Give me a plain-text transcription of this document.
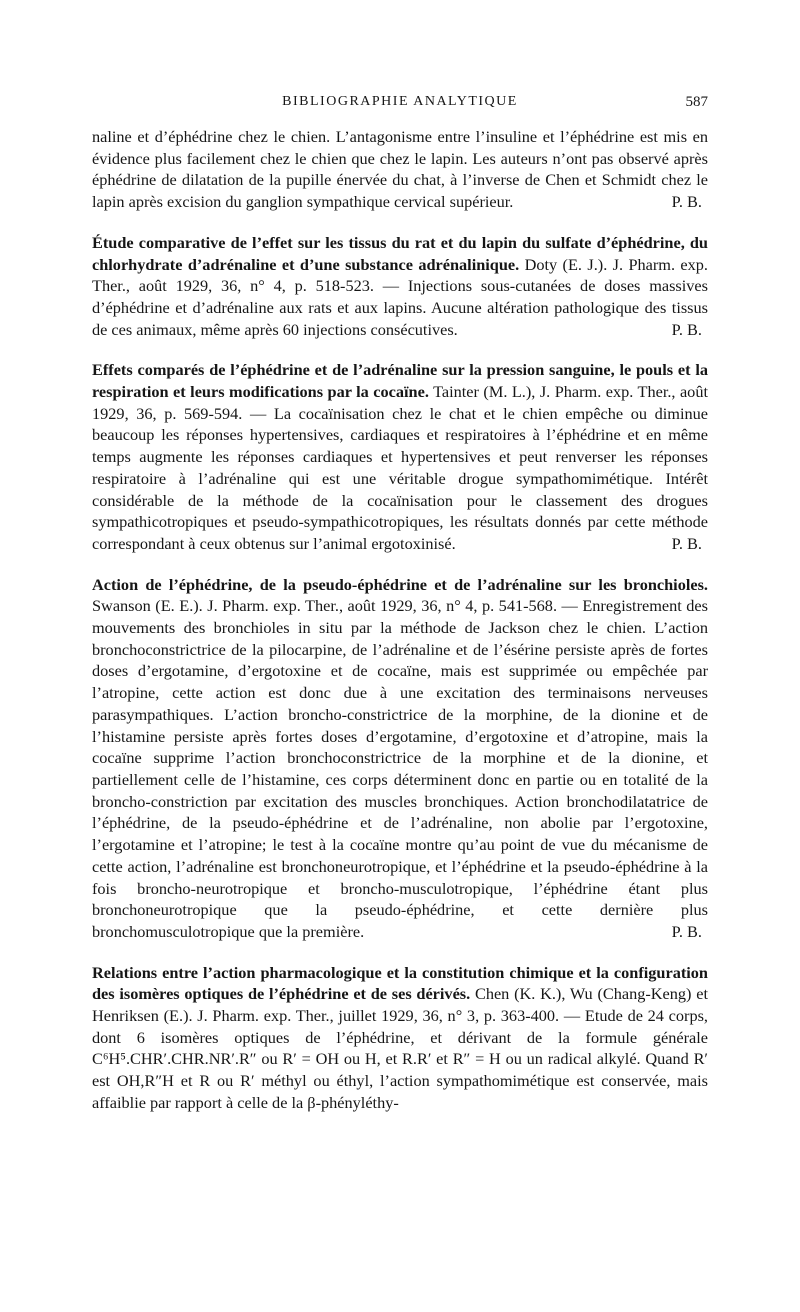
BIBLIOGRAPHIE ANALYTIQUE	587

naline et d’éphédrine chez le chien. L’antagonisme entre l’insuline et l’éphédrine est mis en évidence plus facilement chez le chien que chez le lapin. Les auteurs n’ont pas observé après éphédrine de dilatation de la pupille énervée du chat, à l’inverse de Chen et Schmidt chez le lapin après excision du ganglion sympathique cervical supérieur.	P. B.

Étude comparative de l’effet sur les tissus du rat et du lapin du sulfate d’éphédrine, du chlorhydrate d’adrénaline et d’une substance adrénalinique. Doty (E. J.). J. Pharm. exp. Ther., août 1929, 36, n° 4, p. 518-523. — Injections sous-cutanées de doses massives d’éphédrine et d’adrénaline aux rats et aux lapins. Aucune altération pathologique des tissus de ces animaux, même après 60 injections consécutives.	P. B.

Effets comparés de l’éphédrine et de l’adrénaline sur la pression sanguine, le pouls et la respiration et leurs modifications par la cocaïne. Tainter (M. L.), J. Pharm. exp. Ther., août 1929, 36, p. 569-594. — La cocaïnisation chez le chat et le chien empêche ou diminue beaucoup les réponses hypertensives, cardiaques et respiratoires à l’éphédrine et en même temps augmente les réponses cardiaques et hypertensives et peut renverser les réponses respiratoire à l’adrénaline qui est une véritable drogue sympathomimétique. Intérêt considérable de la méthode de la cocaïnisation pour le classement des drogues sympathicotropiques et pseudo-sympathicotropiques, les résultats donnés par cette méthode correspondant à ceux obtenus sur l’animal ergotoxinisé.	P. B.

Action de l’éphédrine, de la pseudo-éphédrine et de l’adrénaline sur les bronchioles. Swanson (E. E.). J. Pharm. exp. Ther., août 1929, 36, n° 4, p. 541-568. — Enregistrement des mouvements des bronchioles in situ par la méthode de Jackson chez le chien. L’action bronchoconstrictrice de la pilocarpine, de l’adrénaline et de l’ésérine persiste après de fortes doses d’ergotamine, d’ergotoxine et de cocaïne, mais est supprimée ou empêchée par l’atropine, cette action est donc due à une excitation des terminaisons nerveuses parasympathiques. L’action broncho-constrictrice de la morphine, de la dionine et de l’histamine persiste après fortes doses d’ergotamine, d’ergotoxine et d’atropine, mais la cocaïne supprime l’action bronchoconstrictrice de la morphine et de la dionine, et partiellement celle de l’histamine, ces corps déterminent donc en partie ou en totalité de la broncho-constriction par excitation des muscles bronchiques. Action bronchodilatatrice de l’éphédrine, de la pseudo-éphédrine et de l’adrénaline, non abolie par l’ergotoxine, l’ergotamine et l’atropine; le test à la cocaïne montre qu’au point de vue du mécanisme de cette action, l’adrénaline est bronchoneurotropique, et l’éphédrine et la pseudo-éphédrine à la fois broncho-neurotropique et broncho-musculotropique, l’éphédrine étant plus bronchoneurotropique que la pseudo-éphédrine, et cette dernière plus bronchomusculotropique que la première.	P. B.

Relations entre l’action pharmacologique et la constitution chimique et la configuration des isomères optiques de l’éphédrine et de ses dérivés. Chen (K. K.), Wu (Chang-Keng) et Henriksen (E.). J. Pharm. exp. Ther., juillet 1929, 36, n° 3, p. 363-400. — Etude de 24 corps, dont 6 isomères optiques de l’éphédrine, et dérivant de la formule générale C⁶H⁵.CHR′.CHR.NR′.R″ ou R′ = OH ou H, et R.R′ et R″ = H ou un radical alkylé. Quand R′ est OH,R″H et R ou R′ méthyl ou éthyl, l’action sympathomimétique est conservée, mais affaiblie par rapport à celle de la β-phényléthy-
